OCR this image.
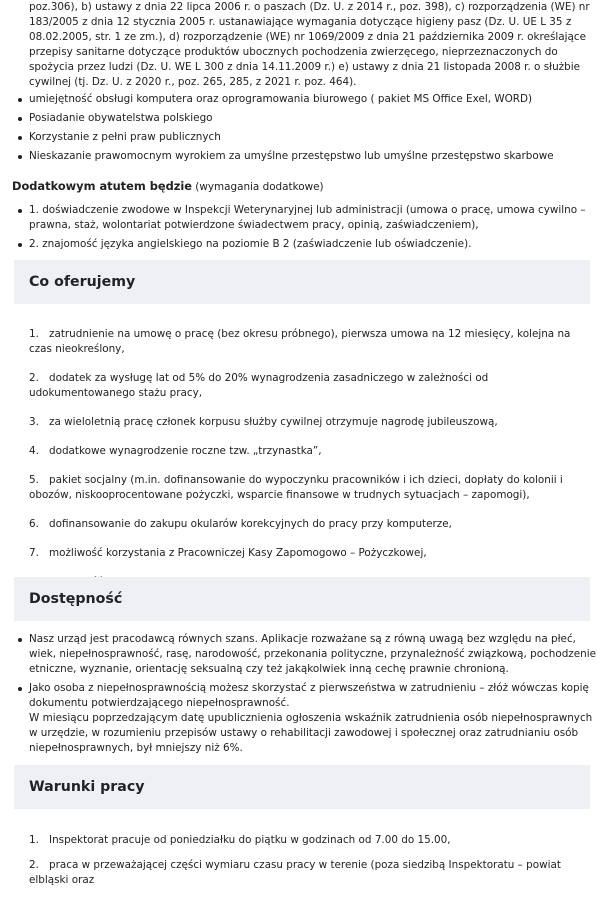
poz.306), b) ustawy z dnia 22 lipca 2006 r. o paszach (Dz. U. z 2014 r., poz. 398), c) rozporządzenia (WE) nr 183/2005 z dnia 12 stycznia 2005 r. ustanawiające wymagania dotyczące higieny pasz (Dz. U. UE L 35 z 08.02.2005, str. 1 ze zm.), d) rozporządzenie (WE) nr 1069/2009 z dnia 21 października 2009 r. określające przepisy sanitarne dotyczące produktów ubocznych pochodzenia zwierzęcego, nieprzeznaczonych do spożycia przez ludzi (Dz. U. WE L 300 z dnia 14.11.2009 r.) e) ustawy z dnia 21 listopada 2008 r. o służbie cywilnej (tj. Dz. U. z 2020 r., poz. 265, 285, z 2021 r. poz. 464).

umiejętność obsługi komputera oraz oprogramowania biurowego ( pakiet MS Office Exel, WORD)
Posiadanie obywatelstwa polskiego
Korzystanie z pełni praw publicznych
Nieskazanie prawomocnym wyrokiem za umyślne przestępstwo lub umyślne przestępstwo skarbowe

Dodatkowym atutem będzie (wymagania dodatkowe)

1. doświadczenie zwodowe w Inspekcji Weterynaryjnej lub administracji (umowa o pracę, umowa cywilno – prawna, staż, wolontariat potwierdzone świadectwem pracy, opinią, zaświadczeniem),
2. znajomość języka angielskiego na poziomie B 2 (zaświadczenie lub oświadczenie).
Co oferujemy
1. zatrudnienie na umowę o pracę (bez okresu próbnego), pierwsza umowa na 12 miesięcy, kolejna na czas nieokreślony,
2. dodatek za wysługę lat od 5% do 20% wynagrodzenia zasadniczego w zależności od udokumentowanego stażu pracy,
3. za wieloletnią pracę członek korpusu służby cywilnej otrzymuje nagrodę jubileuszową,
4. dodatkowe wynagrodzenie roczne tzw. „trzynastka”,
5. pakiet socjalny (m.in. dofinansowanie do wypoczynku pracowników i ich dzieci, dopłaty do kolonii i obozów, niskooprocentowane pożyczki, wsparcie finansowe w trudnych sytuacjach – zapomogi),
6. dofinansowanie do zakupu okularów korekcyjnych do pracy przy komputerze,
7. możliwość korzystania z Pracowniczej Kasy Zapomogowo – Pożyczkowej,
Dostępność
Nasz urząd jest pracodawcą równych szans. Aplikacje rozważane są z równą uwagą bez względu na płeć, wiek, niepełnosprawność, rasę, narodowość, przekonania polityczne, przynależność związkową, pochodzenie etniczne, wyznanie, orientację seksualną czy też jakąkolwiek inną cechę prawnie chronioną.

Jako osoba z niepełnosprawnością możesz skorzystać z pierwszeństwa w zatrudnieniu – złóż wówczas kopię dokumentu potwierdzającego niepełnosprawność.

W miesiącu poprzedzającym datę upublicznienia ogłoszenia wskaźnik zatrudnienia osób niepełnosprawnych w urzędzie, w rozumieniu przepisów ustawy o rehabilitacji zawodowej i społecznej oraz zatrudnianiu osób niepełnosprawnych, był mniejszy niż 6%.

Warunki pracy
1. Inspektorat pracuje od poniedziałku do piątku w godzinach od 7.00 do 15.00,
2. praca w przeważającej części wymiaru czasu pracy w terenie (poza siedzibą Inspektoratu – powiat elbląski oraz
